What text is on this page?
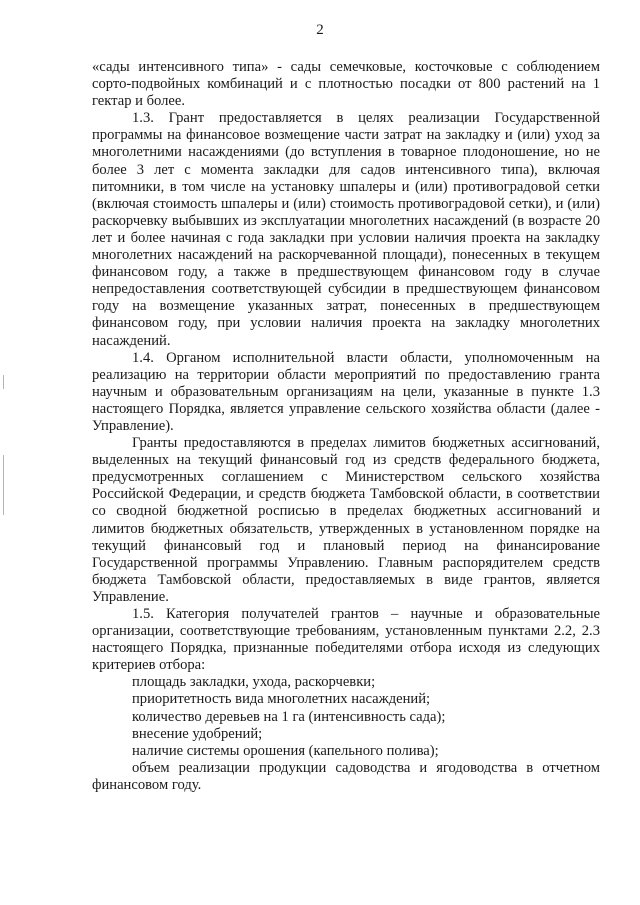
2

«сады интенсивного типа» - сады семечковые, косточковые с соблюдением сорто-подвойных комбинаций и с плотностью посадки от 800 растений на 1 гектар и более.

1.3. Грант предоставляется в целях реализации Государственной программы на финансовое возмещение части затрат на закладку и (или) уход за многолетними насаждениями (до вступления в товарное плодоношение, но не более 3 лет с момента закладки для садов интенсивного типа), включая питомники, в том числе на установку шпалеры и (или) противоградовой сетки (включая стоимость шпалеры и (или) стоимость противоградовой сетки), и (или) раскорчевку выбывших из эксплуатации многолетних насаждений (в возрасте 20 лет и более начиная с года закладки при условии наличия проекта на закладку многолетних насаждений на раскорчеванной площади), понесенных в текущем финансовом году, а также в предшествующем финансовом году в случае непредоставления соответствующей субсидии в предшествующем финансовом году на возмещение указанных затрат, понесенных в предшествующем финансовом году, при условии наличия проекта на закладку многолетних насаждений.

1.4. Органом исполнительной власти области, уполномоченным на реализацию на территории области мероприятий по предоставлению гранта научным и образовательным организациям на цели, указанные в пункте 1.3 настоящего Порядка, является управление сельского хозяйства области (далее - Управление).

Гранты предоставляются в пределах лимитов бюджетных ассигнований, выделенных на текущий финансовый год из средств федерального бюджета, предусмотренных соглашением с Министерством сельского хозяйства Российской Федерации, и средств бюджета Тамбовской области, в соответствии со сводной бюджетной росписью в пределах бюджетных ассигнований и лимитов бюджетных обязательств, утвержденных в установленном порядке на текущий финансовый год и плановый период на финансирование Государственной программы Управлению. Главным распорядителем средств бюджета Тамбовской области, предоставляемых в виде грантов, является Управление.

1.5. Категория получателей грантов – научные и образовательные организации, соответствующие требованиям, установленным пунктами 2.2, 2.3 настоящего Порядка, признанные победителями отбора исходя из следующих критериев отбора:

площадь закладки, ухода, раскорчевки;

приоритетность вида многолетних насаждений;

количество деревьев на 1 га (интенсивность сада);

внесение удобрений;

наличие системы орошения (капельного полива);

объем реализации продукции садоводства и ягодоводства в отчетном финансовом году.
